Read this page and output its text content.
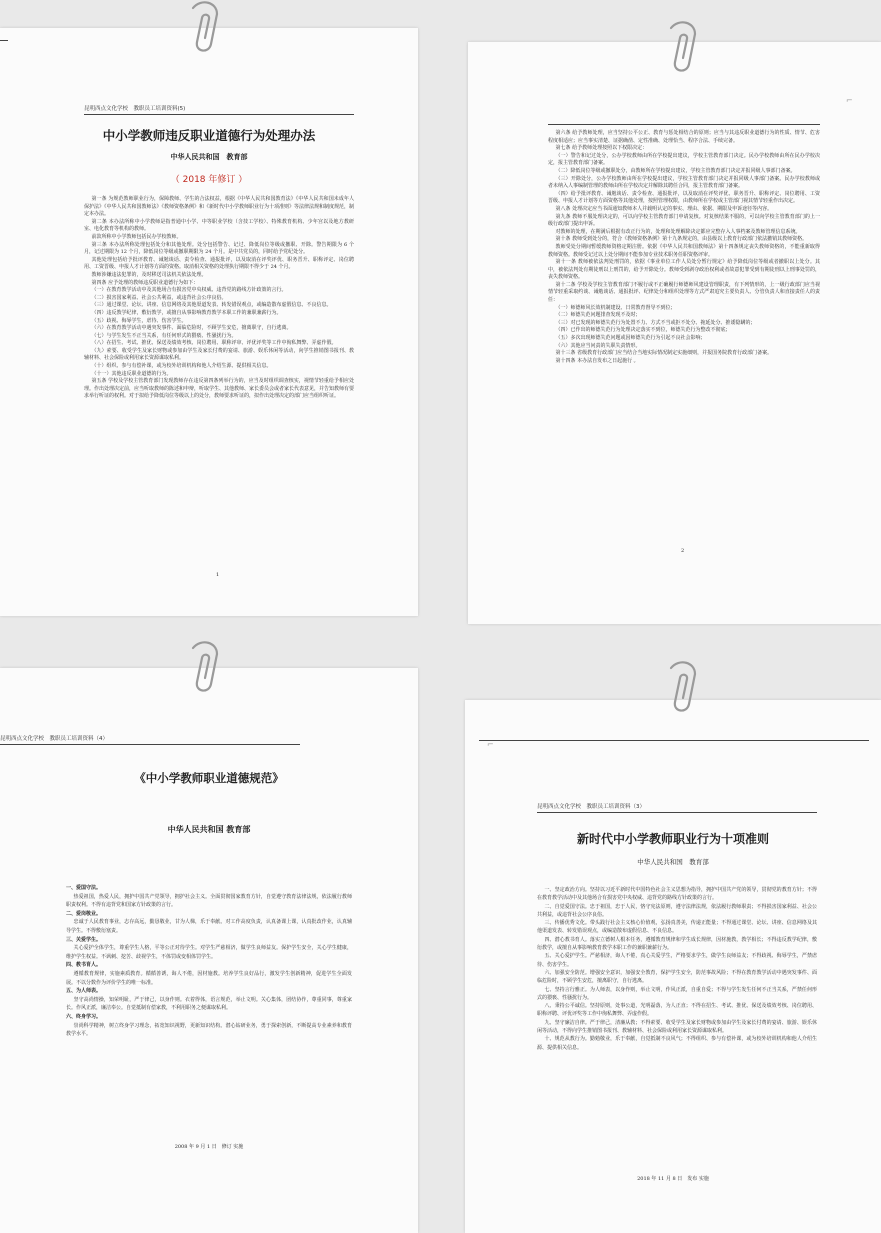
昆明西点文化学校　教职员工培训资料(5)
中小学教师违反职业道德行为处理办法
中华人民共和国　教育部
（ 2018 年修订 ）

第一条 为规范教师职业行为，保障教师、学生的合法权益，根据《中华人民共和国教育法》《中华人民共和国未成年人保护法》《中华人民共和国教师法》《教师资格条例》和《新时代中小学教师职业行为十项准则》等法律法规和制度规范，制定本办法。

第二条 本办法所称中小学教师是指普通中小学、中等职业学校（含技工学校）、特殊教育机构、少年宫以及地方教研室、电化教育等机构的教师。

前款所称中小学教师包括民办学校教师。

第三条 本办法所称处理包括处分和其他处理。处分包括警告、记过、降低岗位等级或撤职、开除。警告期限为 6 个月，记过期限为 12 个月，降低岗位等级或撤职期限为 24 个月。是中共党员的，同时给予党纪处分。

其他处理包括给予批评教育、诫勉谈话、责令检查、通报批评，以及取消在评奖评优、职务晋升、职称评定、岗位聘用、工资晋级、申报人才计划等方面的资格。取消相关资格的处理执行期限不得少于 24 个月。

教师涉嫌违法犯罪的，及时移送司法机关依法处理。

第四条 应予处理的教师违反职业道德行为如下：

（一）在教育教学活动中及其他场合有损害党中央权威、违背党的路线方针政策的言行。

（二）损害国家利益、社会公共利益，或违背社会公序良俗。

（三）通过课堂、论坛、讲座、信息网络及其他渠道发表、转发错误观点，或编造散布虚假信息、不良信息。

（四）违反教学纪律，敷衍教学，或擅自从事影响教育教学本职工作的兼职兼薪行为。

（五）歧视、侮辱学生，虐待、伤害学生。

（六）在教育教学活动中遇突发事件、面临危险时，不顾学生安危，擅离职守，自行逃离。

（七）与学生发生不正当关系，有任何形式的猥亵、性骚扰行为。

（八）在招生、考试、推优、保送及绩效考核、岗位聘用、职称评审、评优评奖等工作中徇私舞弊、弄虚作假。

（九）索要、收受学生及家长财物或参加由学生及家长付费的宴请、旅游、娱乐休闲等活动，向学生推销图书报刊、教辅材料、社会保险或利用家长资源谋取私利。

（十）组织、参与有偿补课，或为校外培训机构和他人介绍生源、提供相关信息。

（十一）其他违反职业道德的行为。

第五条 学校及学校主管教育部门发现教师存在违反第四条列举行为的，应当及时组织调查核实，视情节轻重给予相应处理。作出处理决定前，应当听取教师的陈述和申辩，听取学生、其他教师、家长委员会或者家长代表意见，并告知教师有要求举行听证的权利。对于拟给予降低岗位等级以上的处分，教师要求听证的，拟作出处理决定的部门应当组织听证。

1
⌐

第六条 给予教师处理，应当坚持公平公正、教育与惩处相结合的原则；应当与其违反职业道德行为的性质、情节、危害程度相适应；应当事实清楚、证据确凿、定性准确、处理恰当、程序合法、手续完备。

第七条 给予教师处理按照以下权限决定：

（一）警告和记过处分，公办学校教师由所在学校提出建议，学校主管教育部门决定。民办学校教师由所在民办学校决定，报主管教育部门备案。

（二）降低岗位等级或撤职处分，由教师所在学校提出建议，学校主管教育部门决定并报同级人事部门备案。

（三）开除处分，公办学校教师由所在学校提出建议，学校主管教育部门决定并报同级人事部门备案。民办学校教师或者未纳入人事编制管理的教师由所在学校决定并解除其聘任合同，报主管教育部门备案。

（四）给予批评教育、诫勉谈话、责令检查、通报批评，以及取消在评奖评优、职务晋升、职称评定、岗位聘用、工资晋级、申报人才计划等方面资格等其他处理，按照管理权限，由教师所在学校或主管部门视其情节轻重作出决定。

第八条 处理决定应当书面通知教师本人并载明认定的事实、理由、依据、期限及申诉途径等内容。

第九条 教师不服处理决定的，可以向学校主管教育部门申请复核。对复核结果不服的，可以向学校主管教育部门的上一级行政部门提出申诉。

对教师的处理，在期满后根据有改正行为的，处理和处理解除决定都应完整存入人事档案及教师管理信息系统。

第十条 教师受到处分的，符合《教师资格条例》第十九条规定的，由县级以上教育行政部门依法撤销其教师资格。

教师受处分期间暂缓教师资格定期注册。依据《中华人民共和国教师法》第十四条规定丧失教师资格的，不能重新取得教师资格。教师受记过以上处分期间不能参加专业技术职务任职资格评审。

第十一条 教师被依法判处刑罚的，依据《事业单位工作人员处分暂行规定》给予降低岗位等级或者撤职以上处分。其中，被依法判处有期徒刑以上刑罚的，给予开除处分。教师受到剥夺政治权利或者故意犯罪受到有期徒刑以上刑事处罚的，丧失教师资格。

第十二条 学校及学校主管教育部门不履行或不正确履行师德师风建设管理职责，有下列情形的，上一级行政部门应当视情节轻重采取约谈、诫勉谈话、通报批评、纪律处分和组织处理等方式严肃追究主要负责人、分管负责人和直接责任人的责任：

（一）师德师风长效机制建设、日常教育督导不到位；

（二）师德失范问题排查发现不及时；

（三）对已发现的师德失范行为处置不力、方式不当或拒不处分、拖延处分、推诿隐瞒的；

（四）已作出的师德失范行为处理决定落实不到位，师德失范行为整改不彻底；

（五）多次出现师德失范问题或因师德失范行为引起不良社会影响；

（六）其他应当问责的失职失责情形。

第十三条 省级教育行政部门应当结合当地实际情况制定实施细则，并报国务院教育行政部门备案。

第十四条 本办法自发布之日起施行 。

2
昆明西点文化学校　教职员工培训资料（4）
《中小学教师职业道德规范》
中华人民共和国 教育部

一、爱国守法。

热爱祖国，热爱人民，拥护中国共产党领导，拥护社会主义。全面贯彻国家教育方针，自觉遵守教育法律法规，依法履行教师职责权利。不得有违背党和国家方针政策的言行。

二、爱岗敬业。

忠诚于人民教育事业，志存高远，勤恳敬业，甘为人梯，乐于奉献。对工作高度负责，认真备课上课，认真批改作业，认真辅导学生。不得敷衍塞责。

三、关爱学生。

关心爱护全体学生，尊重学生人格，平等公正对待学生。对学生严慈相济，做学生良师益友。保护学生安全，关心学生健康，维护学生权益。不讽刺、挖苦、歧视学生，不体罚或变相体罚学生。

四、教书育人。

遵循教育规律，实施素质教育。循循善诱，诲人不倦，因材施教。培养学生良好品行，激发学生创新精神，促进学生全面发展。不以分数作为评价学生的唯一标准。

五、为人师表。

坚守高尚情操，知荣明耻，严于律己，以身作则。衣着得体，语言规范，举止文明。关心集体，团结协作，尊重同事，尊重家长。作风正派，廉洁奉公。自觉抵制有偿家教，不利用职务之便谋取私利。

六、终身学习。

崇尚科学精神，树立终身学习理念，拓宽知识视野，更新知识结构。潜心钻研业务，勇于探索创新，不断提高专业素养和教育教学水平。

2008 年 9 月 1 日　修订 实施
⌐
昆明西点文化学校　教职员工培训资料（3）
新时代中小学教师职业行为十项准则
中华人民共和国　教育部

一、坚定政治方向。坚持以习近平新时代中国特色社会主义思想为指导，拥护中国共产党的领导，贯彻党的教育方针；不得在教育教学活动中及其他场合有损害党中央权威、违背党的路线方针政策的言行。

二、自觉爱国守法。忠于祖国，忠于人民，恪守宪法原则，遵守法律法规，依法履行教师职责；不得损害国家利益、社会公共利益，或违背社会公序良俗。

三、传播优秀文化。带头践行社会主义核心价值观，弘扬真善美，传递正能量；不得通过课堂、论坛、讲座、信息网络及其他渠道发表、转发错误观点，或编造散布虚假信息、不良信息。

四、潜心教书育人。落实立德树人根本任务，遵循教育规律和学生成长规律，因材施教，教学相长；不得违反教学纪律，敷衍教学，或擅自从事影响教育教学本职工作的兼职兼薪行为。

五、关心爱护学生。严慈相济，诲人不倦，真心关爱学生，严格要求学生，做学生良师益友；不得歧视、侮辱学生，严禁虐待、伤害学生。

六、加强安全防范。增强安全意识，加强安全教育，保护学生安全，防范事故风险；不得在教育教学活动中遇突发事件、面临危险时，不顾学生安危，擅离职守，自行逃离。

七、坚持言行雅正。为人师表，以身作则，举止文明，作风正派，自重自爱；不得与学生发生任何不正当关系，严禁任何形式的猥亵、性骚扰行为。

八、秉持公平诚信。坚持原则，处事公道，光明磊落，为人正直；不得在招生、考试、推优、保送及绩效考核、岗位聘用、职称评聘、评优评奖等工作中徇私舞弊、弄虚作假。

九、坚守廉洁自律。严于律己，清廉从教；不得索要、收受学生及家长财物或参加由学生及家长付费的宴请、旅游、娱乐休闲等活动，不得向学生推销图书报刊、教辅材料、社会保险或利用家长资源谋取私利。

十、规范从教行为。勤勉敬业，乐于奉献，自觉抵制不良风气；不得组织、参与有偿补课，或为校外培训机构和他人介绍生源、提供相关信息。

2018 年 11 月 8 日　发布 实施
